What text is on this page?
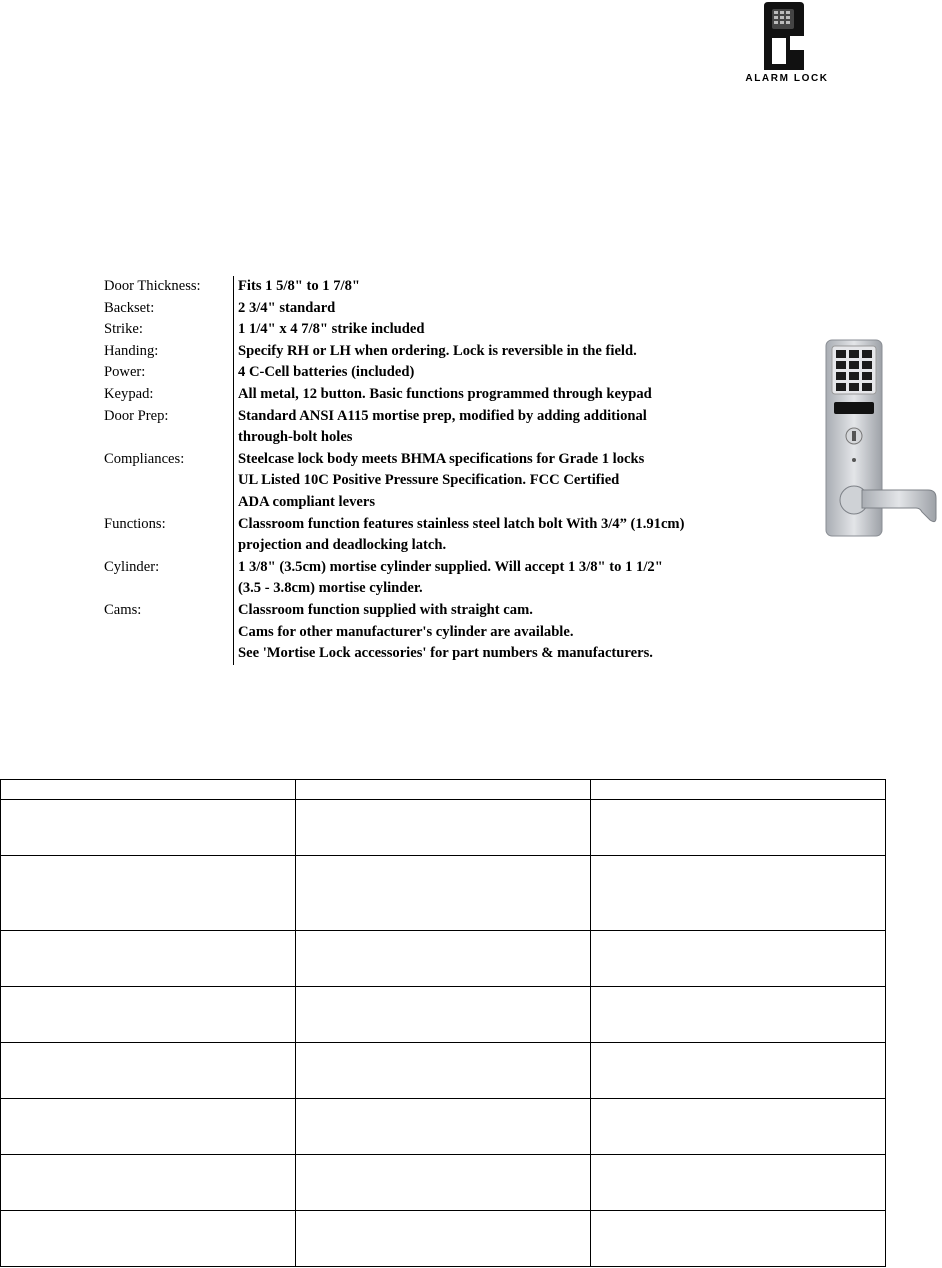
ALARM LOCK
Door Thickness:	Fits 1 5/8" to 1 7/8"
Backset:	2 3/4" standard
Strike:	1 1/4" x 4 7/8" strike included
Handing:	Specify RH or LH when ordering. Lock is reversible in the field.
Power:	4 C-Cell batteries (included)
Keypad:	All metal, 12 button. Basic functions programmed through keypad
Door Prep:	Standard ANSI A115 mortise prep, modified by adding additional
through-bolt holes
Compliances:	Steelcase lock body meets BHMA specifications for Grade 1 locks
UL Listed 10C Positive Pressure Specification. FCC Certified
ADA compliant levers
Functions:	Classroom function features stainless steel latch bolt With 3/4” (1.91cm)
projection and deadlocking latch.
Cylinder:	1 3/8" (3.5cm) mortise cylinder supplied. Will accept 1 3/8" to 1 1/2"
(3.5 - 3.8cm) mortise cylinder.
Cams:	Classroom function supplied with straight cam.
Cams for other manufacturer's cylinder are available.
See 'Mortise Lock accessories' for part numbers & manufacturers.
